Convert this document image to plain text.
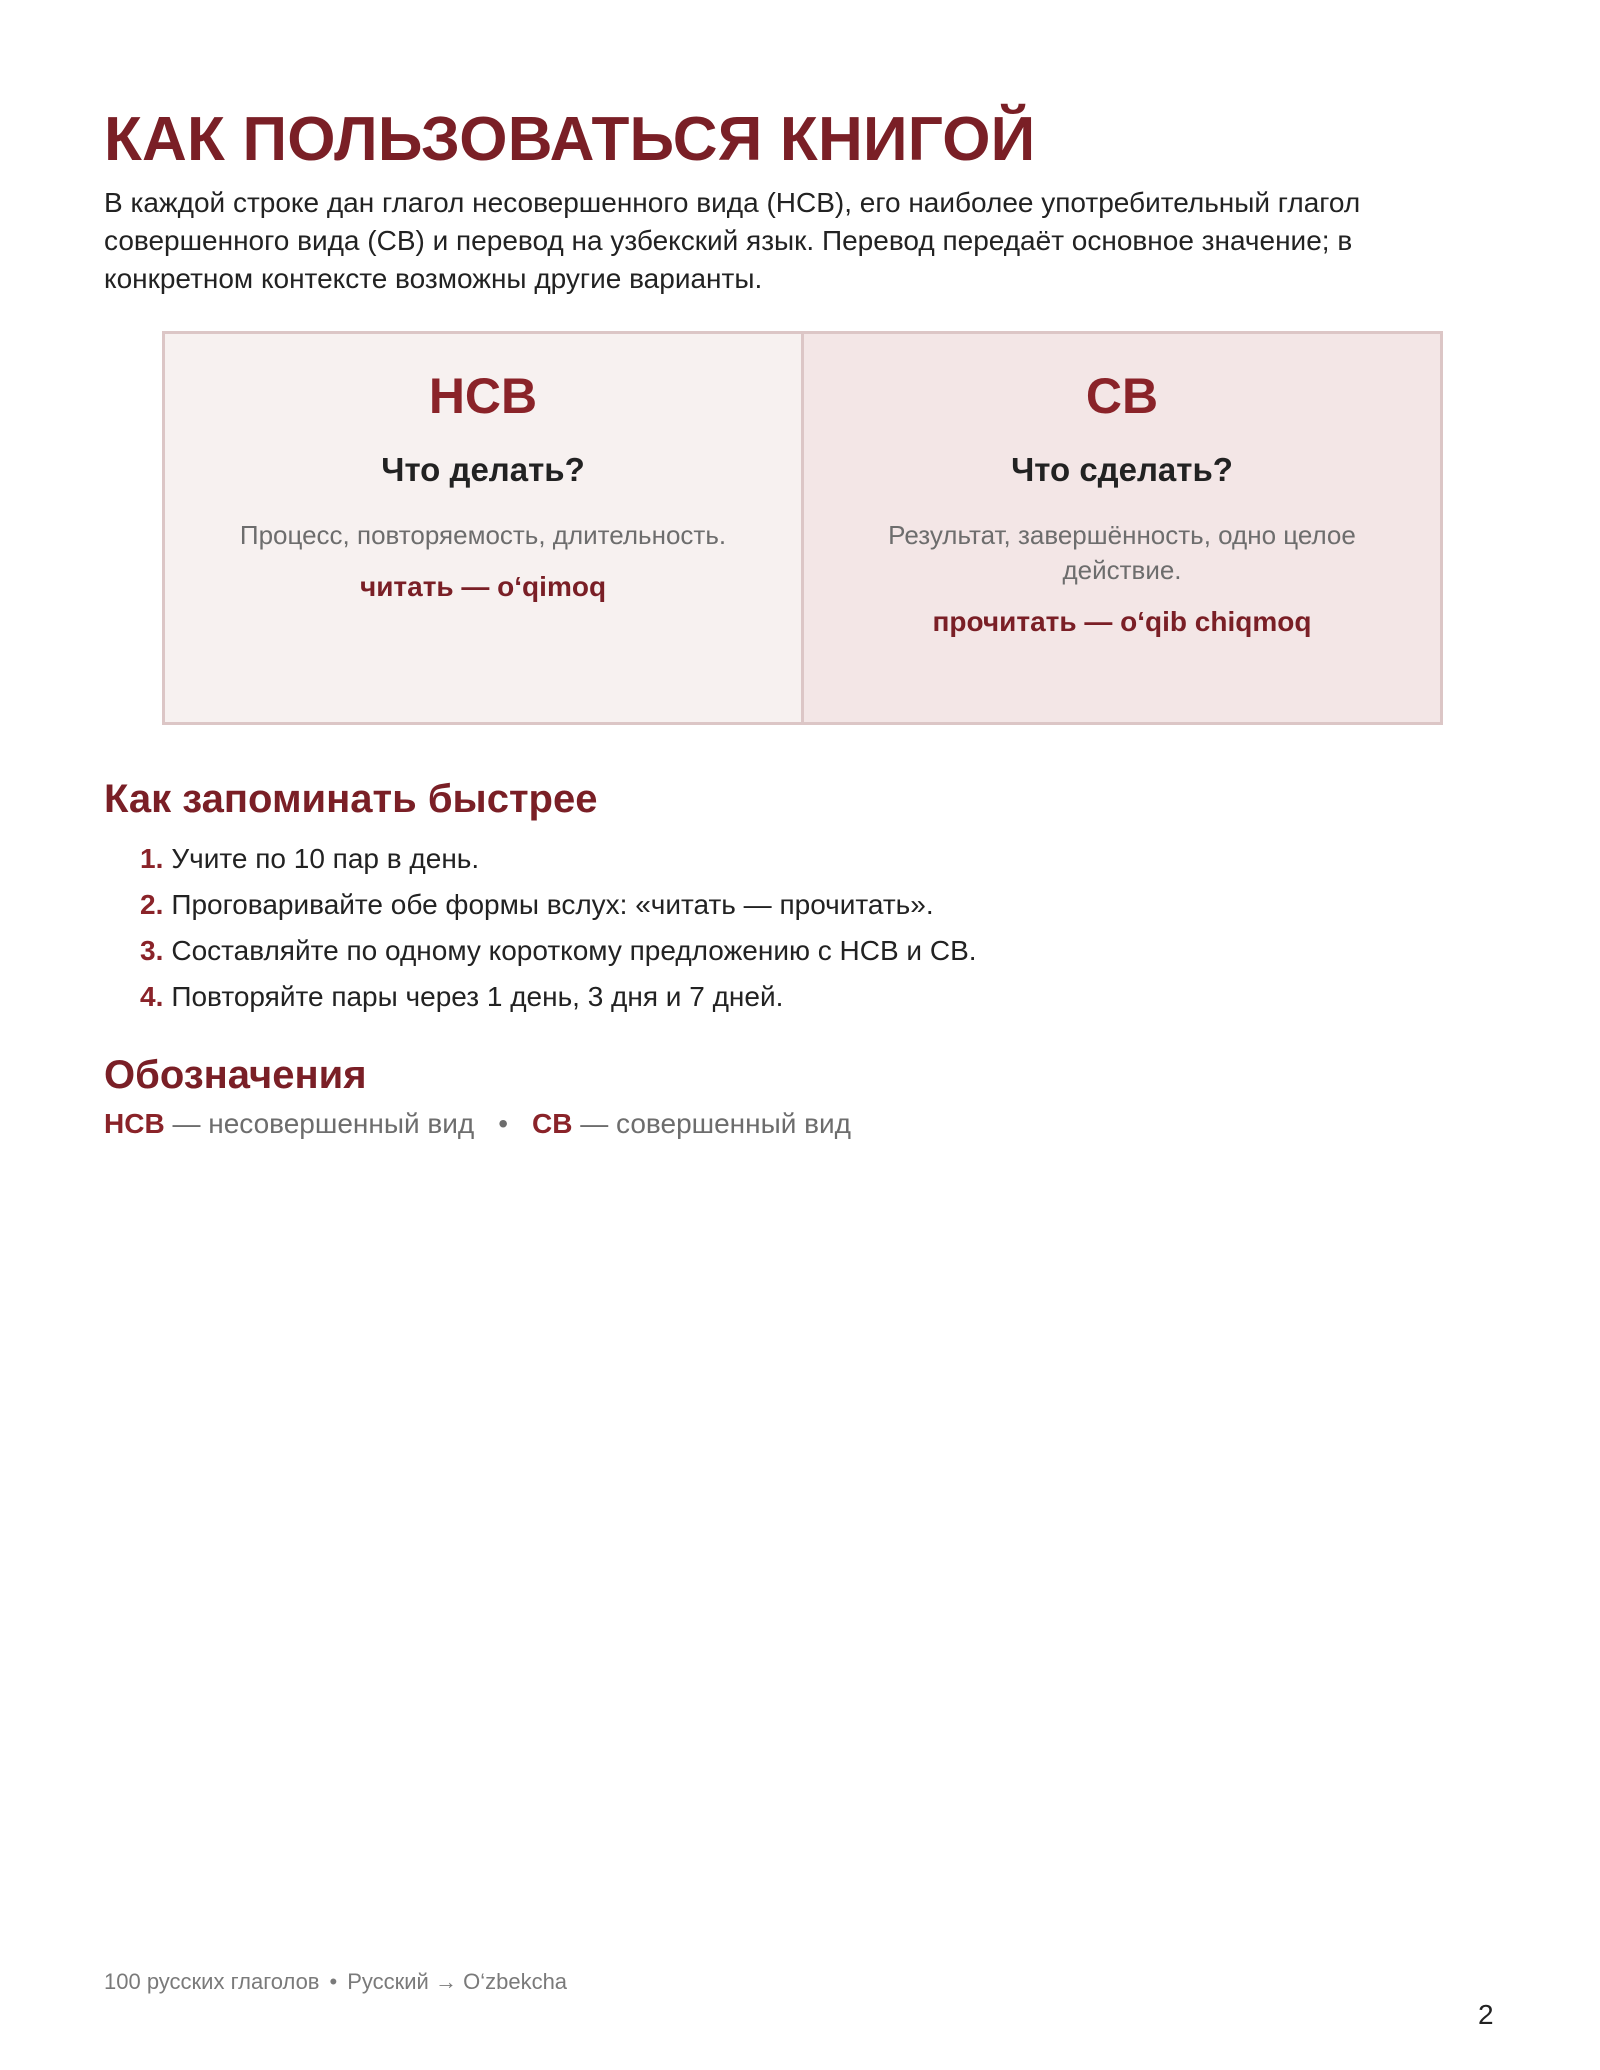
КАК ПОЛЬЗОВАТЬСЯ КНИГОЙ

В каждой строке дан глагол несовершенного вида (НСВ), его наиболее употребительный глагол совершенного вида (СВ) и перевод на узбекский язык. Перевод передаёт основное значение; в конкретном контексте возможны другие варианты.

НСВ
Что делать?
Процесс, повторяемость, длительность.
читать — o‘qimoq
СВ
Что сделать?
Результат, завершённость, одно целое действие.
прочитать — o‘qib chiqmoq
Как запоминать быстрее
1. Учите по 10 пар в день.
2. Проговаривайте обе формы вслух: «читать — прочитать».
3. Составляйте по одному короткому предложению с НСВ и СВ.
4. Повторяйте пары через 1 день, 3 дня и 7 дней.
Обозначения
НСВ — несовершенный вид • СВ — совершенный вид
100 русских глаголов • Русский → O‘zbekcha
2
